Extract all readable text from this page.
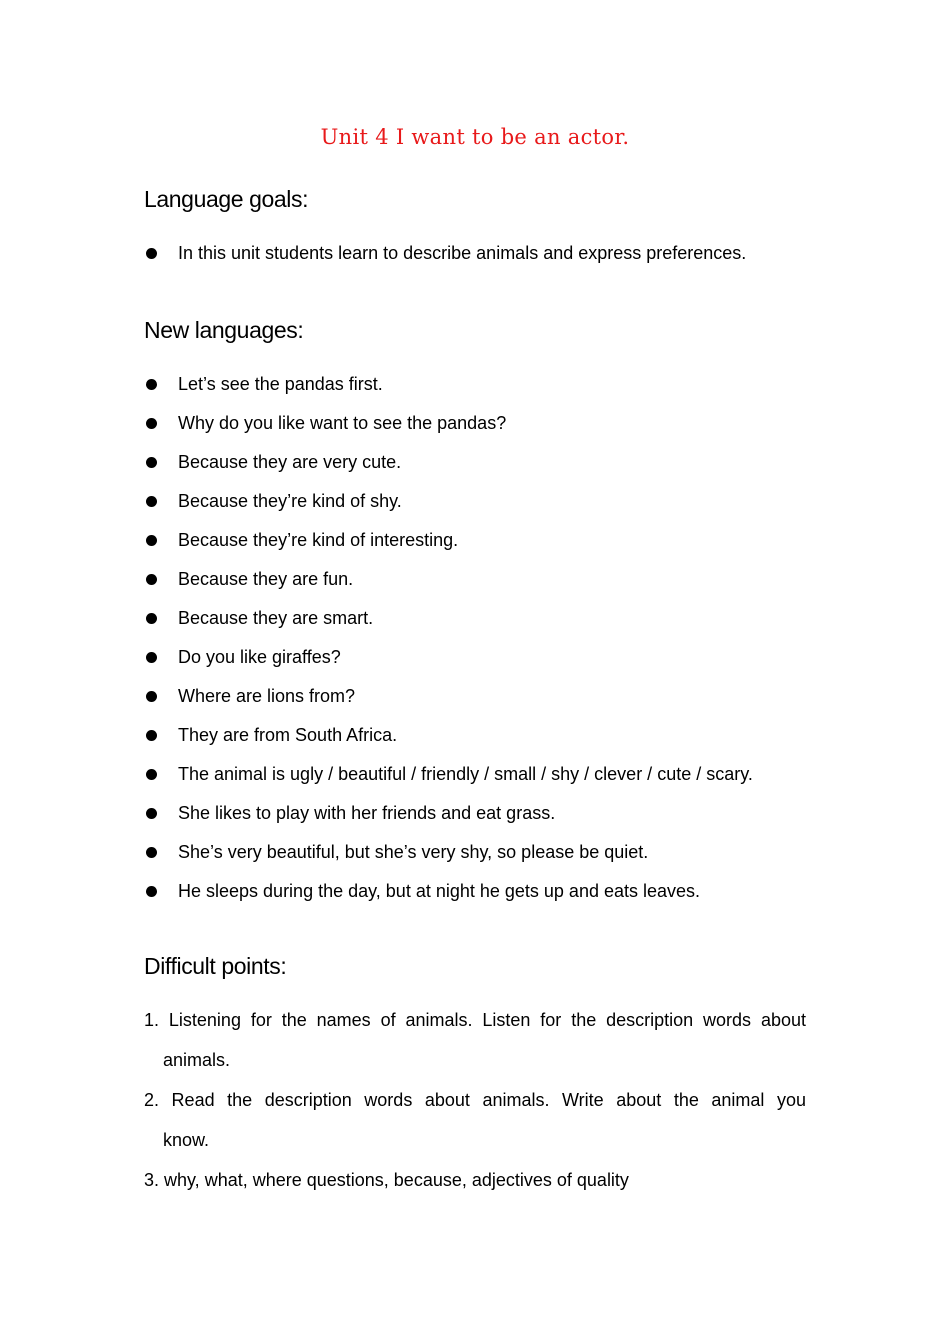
Unit 4 I want to be an actor.
Language goals:
In this unit students learn to describe animals and express preferences.
New languages:
Let’s see the pandas first.
Why do you like want to see the pandas?
Because they are very cute.
Because they’re kind of shy.
Because they’re kind of interesting.
Because they are fun.
Because they are smart.
Do you like giraffes?
Where are lions from?
They are from South Africa.
The animal is ugly / beautiful / friendly / small / shy / clever / cute / scary.
She likes to play with her friends and eat grass.
She’s very beautiful, but she’s very shy, so please be quiet.
He sleeps during the day, but at night he gets up and eats leaves.
Difficult points:
1. Listening for the names of animals. Listen for the description words about
animals.
2. Read the description words about animals. Write about the animal you
know.
3. why, what, where questions, because, adjectives of quality
